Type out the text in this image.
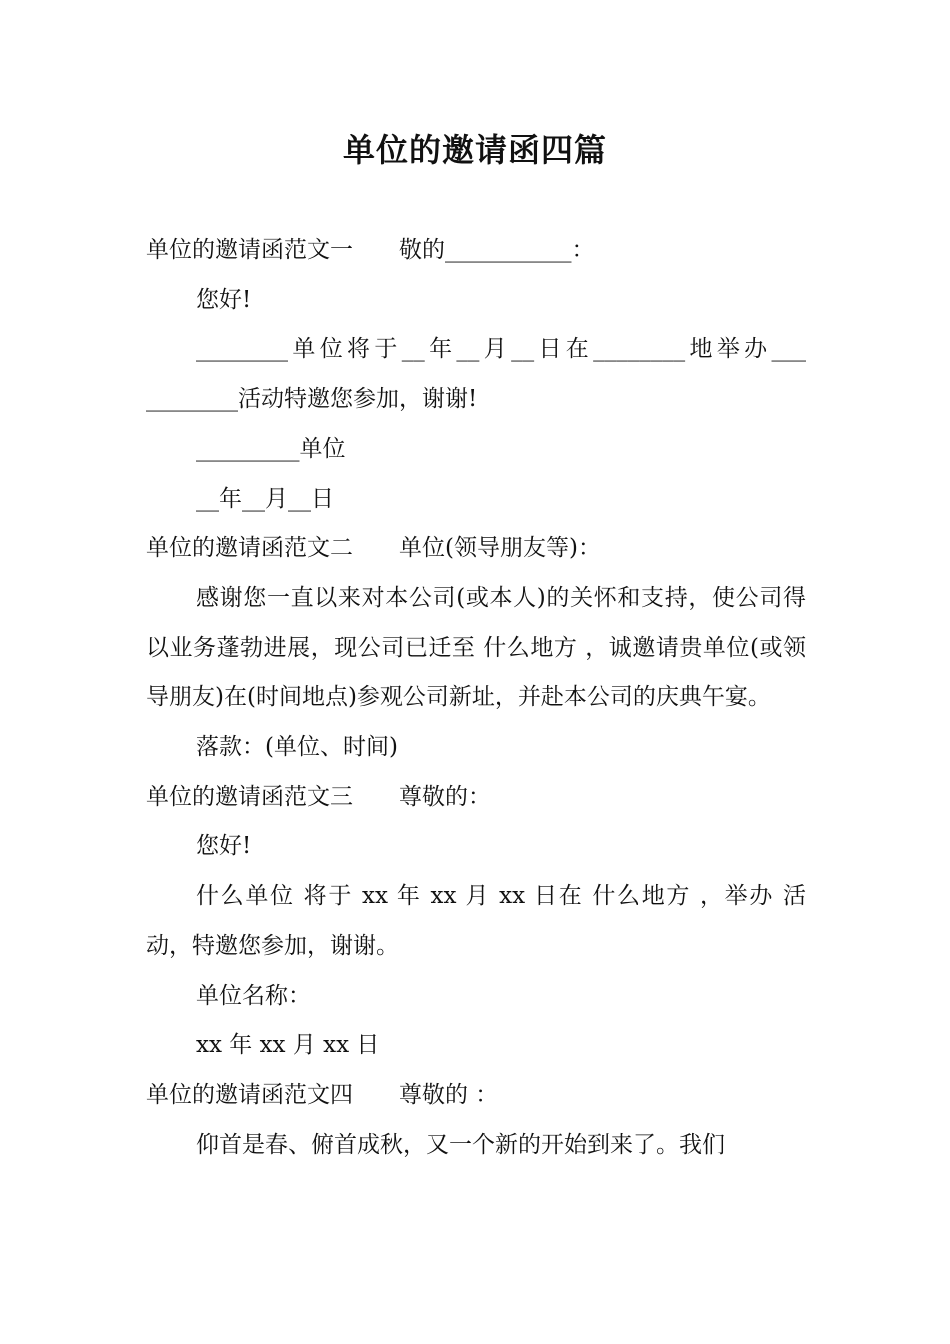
单位的邀请函四篇

单位的邀请函范文一　　敬的___________：

您好!

________单位将于__年__月__日在________地举办___ ________活动特邀您参加，谢谢!

_________单位

__年__月__日

单位的邀请函范文二　　单位(领导朋友等)：

感谢您一直以来对本公司(或本人)的关怀和支持，使公司得以业务蓬勃进展，现公司已迁至 什么地方 ，诚邀请贵单位(或领导朋友)在(时间地点)参观公司新址，并赴本公司的庆典午宴。

落款：(单位、时间)

单位的邀请函范文三　　尊敬的：

您好!

什么单位 将于 xx 年 xx 月 xx 日在 什么地方 ，举办 活动，特邀您参加，谢谢。

单位名称：

xx 年 xx 月 xx 日

单位的邀请函范文四　　尊敬的 ：

仰首是春、俯首成秋，又一个新的开始到来了。我们
